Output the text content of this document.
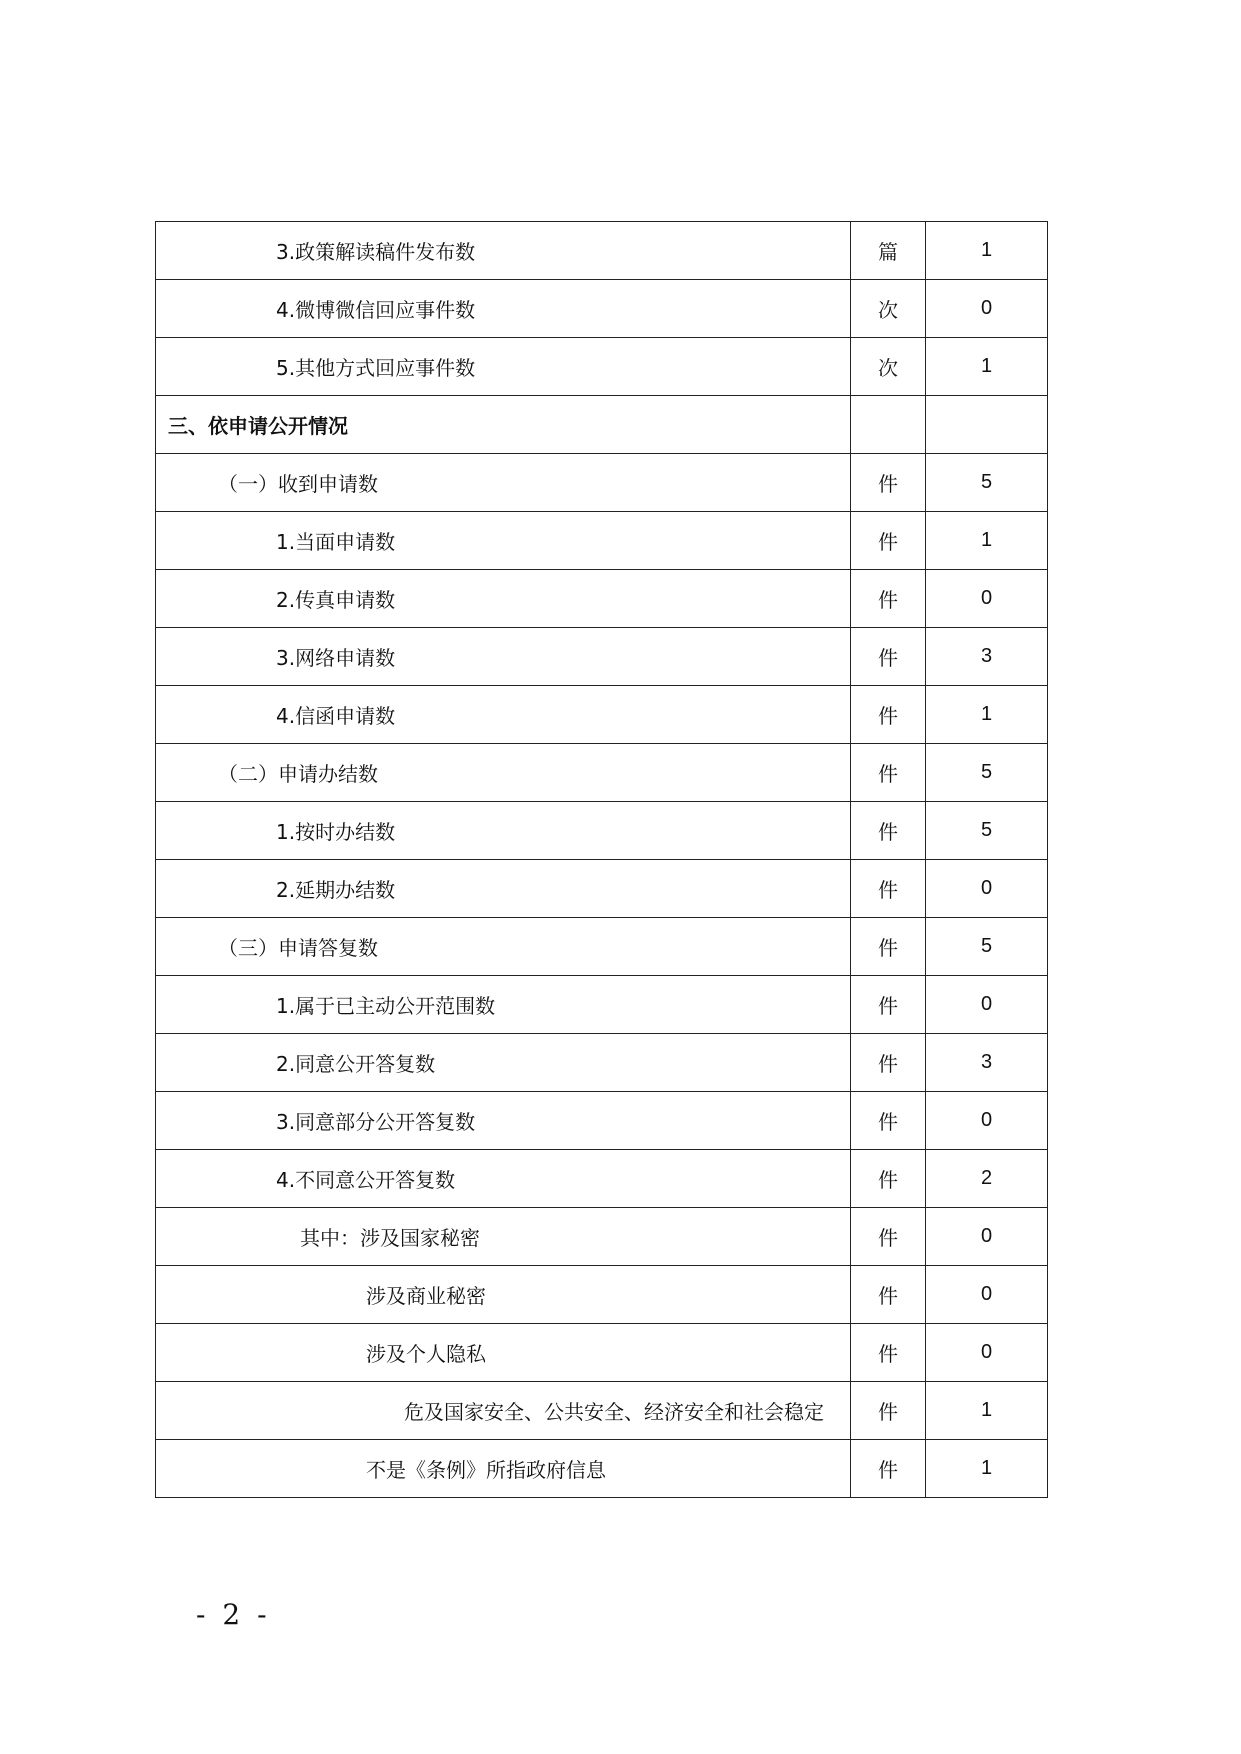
3.政策解读稿件发布数	篇	1
4.微博微信回应事件数	次	0
5.其他方式回应事件数	次	1
三、依申请公开情况		
（一）收到申请数	件	5
1.当面申请数	件	1
2.传真申请数	件	0
3.网络申请数	件	3
4.信函申请数	件	1
（二）申请办结数	件	5
1.按时办结数	件	5
2.延期办结数	件	0
（三）申请答复数	件	5
1.属于已主动公开范围数	件	0
2.同意公开答复数	件	3
3.同意部分公开答复数	件	0
4.不同意公开答复数	件	2
其中：涉及国家秘密	件	0
涉及商业秘密	件	0
涉及个人隐私	件	0
危及国家安全、公共安全、经济安全和社会稳定	件	1
不是《条例》所指政府信息	件	1
- 2 -
